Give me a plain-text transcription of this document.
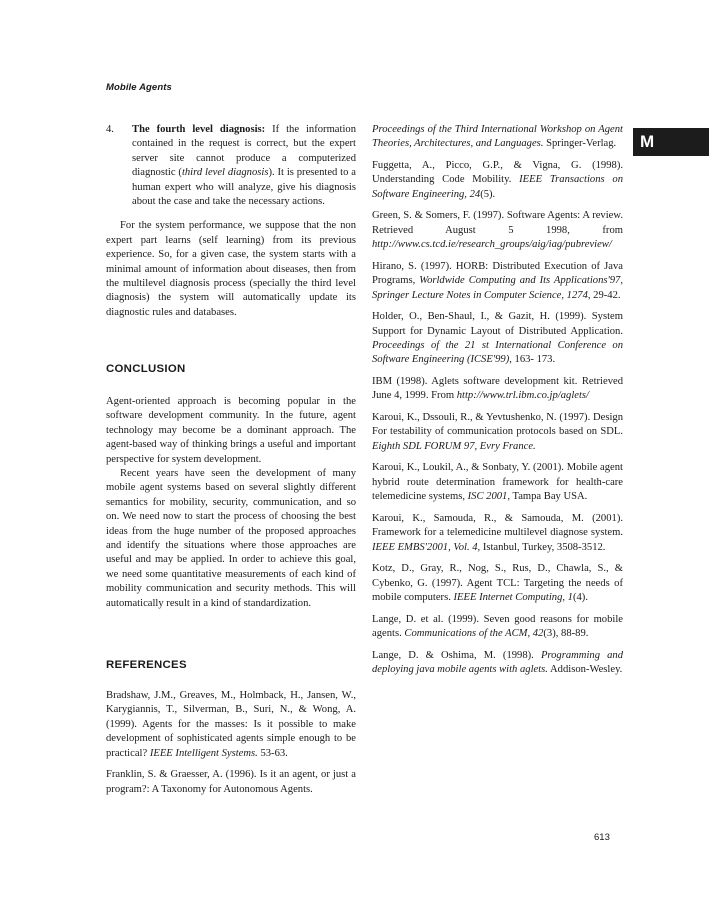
Mobile Agents
M
4.	The fourth level diagnosis: If the information contained in the request is correct, but the expert server site cannot produce a computerized diagnostic (third level diagnosis). It is presented to a human expert who will analyze, give his diagnosis about the case and take the necessary actions.

For the system performance, we suppose that the non expert part learns (self learning) from its previous experience. So, for a given case, the system starts with a minimal amount of information about diseases, then from the multilevel diagnosis process (specially the third level diagnosis) the system will automatically update its diagnostic rules and databases.

CONCLUSION

Agent-oriented approach is becoming popular in the software development community. In the future, agent technology may become be a dominant approach. The agent-based way of thinking brings a useful and important perspective for system development.

Recent years have seen the development of many mobile agent systems based on several slightly different semantics for mobility, security, communication, and so on. We need now to start the process of choosing the best ideas from the huge number of the proposed approaches and identify the situations where those approaches are useful and may be applied. In order to achieve this goal, we need some quantitative measurements of each kind of mobility communication and security methods. This will automatically result in a kind of standardization.

REFERENCES

Bradshaw, J.M., Greaves, M., Holmback, H., Jansen, W., Karygiannis, T., Silverman, B., Suri, N., & Wong, A. (1999). Agents for the masses: Is it possible to make development of sophisticated agents simple enough to be practical? IEEE Intelligent Systems. 53-63.

Franklin, S. & Graesser, A. (1996). Is it an agent, or just a program?: A Taxonomy for Autonomous Agents.

Proceedings of the Third International Workshop on Agent Theories, Architectures, and Languages. Springer-Verlag.

Fuggetta, A., Picco, G.P., & Vigna, G. (1998). Understanding Code Mobility. IEEE Transactions on Software Engineering, 24(5).

Green, S. & Somers, F. (1997). Software Agents: A review. Retrieved August 5 1998, from http://www.cs.tcd.ie/research_groups/aig/iag/pubreview/

Hirano, S. (1997). HORB: Distributed Execution of Java Programs, Worldwide Computing and Its Applications'97, Springer Lecture Notes in Computer Science, 1274, 29-42.

Holder, O., Ben-Shaul, I., & Gazit, H. (1999). System Support for Dynamic Layout of Distributed Application. Proceedings of the 21 st International Conference on Software Engineering (ICSE'99), 163- 173.

IBM (1998). Aglets software development kit. Retrieved June 4, 1999. From http://www.trl.ibm.co.jp/aglets/

Karoui, K., Dssouli, R., & Yevtushenko, N. (1997). Design For testability of communication protocols based on SDL. Eighth SDL FORUM 97, Evry France.

Karoui, K., Loukil, A., & Sonbaty, Y. (2001). Mobile agent hybrid route determination framework for health-care telemedicine systems, ISC 2001, Tampa Bay USA.

Karoui, K., Samouda, R., & Samouda, M. (2001). Framework for a telemedicine multilevel diagnose system. IEEE EMBS'2001, Vol. 4, Istanbul, Turkey, 3508-3512.

Kotz, D., Gray, R., Nog, S., Rus, D., Chawla, S., & Cybenko, G. (1997). Agent TCL: Targeting the needs of mobile computers. IEEE Internet Computing, 1(4).

Lange, D. et al. (1999). Seven good reasons for mobile agents. Communications of the ACM, 42(3), 88-89.

Lange, D. & Oshima, M. (1998). Programming and deploying java mobile agents with aglets. Addison-Wesley.

613
